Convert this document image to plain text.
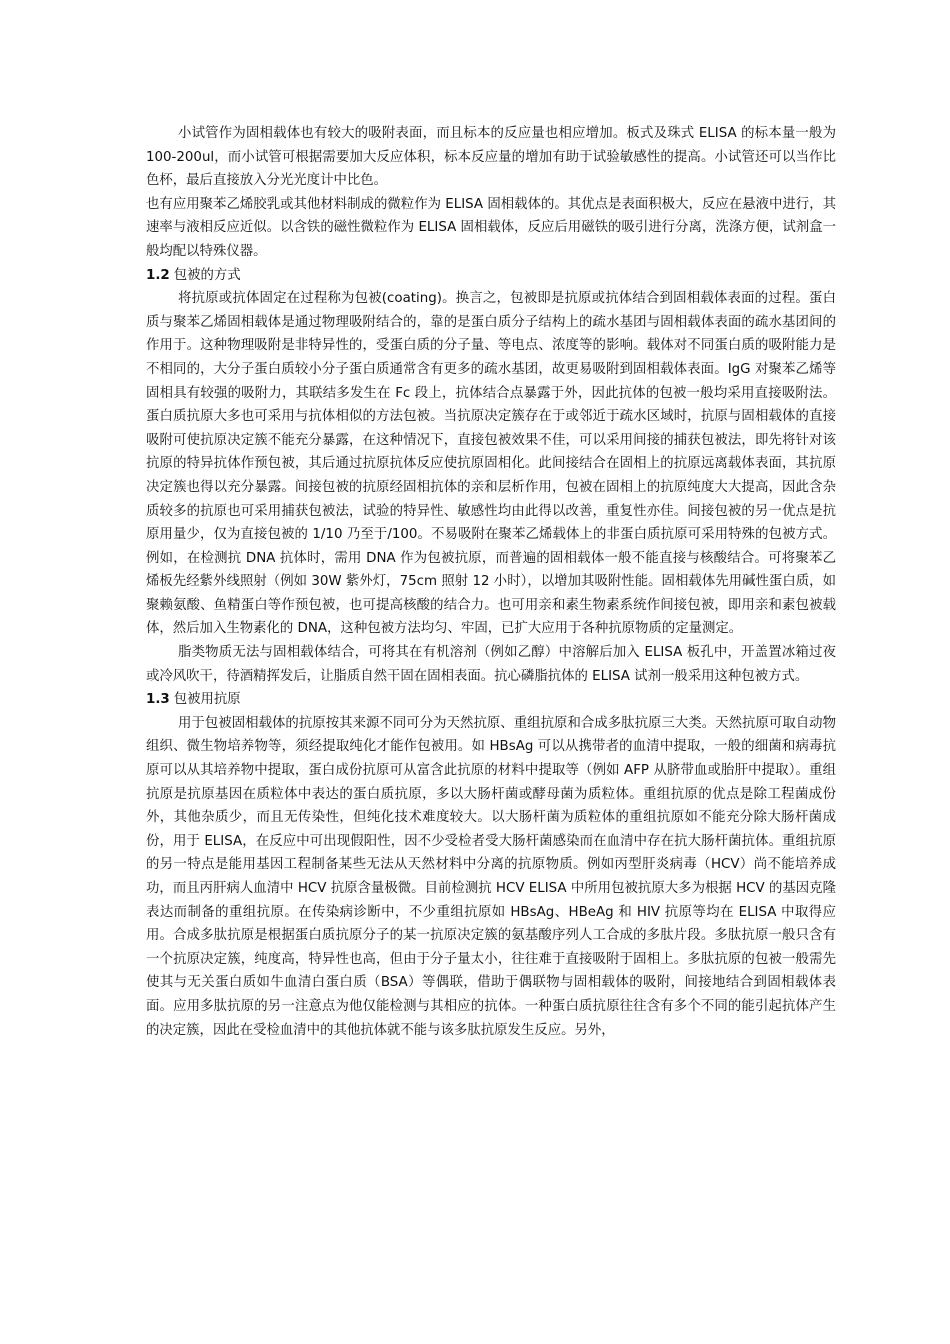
小试管作为固相载体也有较大的吸附表面，而且标本的反应量也相应增加。板式及珠式 ELISA 的标本量一般为 100-200ul，而小试管可根据需要加大反应体积，标本反应量的增加有助于试验敏感性的提高。小试管还可以当作比色杯，最后直接放入分光光度计中比色。

也有应用聚苯乙烯胶乳或其他材料制成的微粒作为 ELISA 固相载体的。其优点是表面积极大，反应在悬液中进行，其速率与液相反应近似。以含铁的磁性微粒作为 ELISA 固相载体，反应后用磁铁的吸引进行分离，洗涤方便，试剂盒一般均配以特殊仪器。

1.2 包被的方式

将抗原或抗体固定在过程称为包被(coating)。换言之，包被即是抗原或抗体结合到固相载体表面的过程。蛋白质与聚苯乙烯固相载体是通过物理吸附结合的，靠的是蛋白质分子结构上的疏水基团与固相载体表面的疏水基团间的作用于。这种物理吸附是非特异性的，受蛋白质的分子量、等电点、浓度等的影响。载体对不同蛋白质的吸附能力是不相同的，大分子蛋白质较小分子蛋白质通常含有更多的疏水基团，故更易吸附到固相载体表面。IgG 对聚苯乙烯等固相具有较强的吸附力，其联结多发生在 Fc 段上，抗体结合点暴露于外，因此抗体的包被一般均采用直接吸附法。蛋白质抗原大多也可采用与抗体相似的方法包被。当抗原决定簇存在于或邻近于疏水区域时，抗原与固相载体的直接吸附可使抗原决定簇不能充分暴露，在这种情况下，直接包被效果不佳，可以采用间接的捕获包被法，即先将针对该抗原的特异抗体作预包被，其后通过抗原抗体反应使抗原固相化。此间接结合在固相上的抗原远离载体表面，其抗原决定簇也得以充分暴露。间接包被的抗原经固相抗体的亲和层析作用，包被在固相上的抗原纯度大大提高，因此含杂质较多的抗原也可采用捕获包被法，试验的特异性、敏感性均由此得以改善，重复性亦佳。间接包被的另一优点是抗原用量少，仅为直接包被的 1/10 乃至于/100。不易吸附在聚苯乙烯载体上的非蛋白质抗原可采用特殊的包被方式。例如，在检测抗 DNA 抗体时，需用 DNA 作为包被抗原，而普遍的固相载体一般不能直接与核酸结合。可将聚苯乙烯板先经紫外线照射（例如 30W 紫外灯，75cm 照射 12 小时），以增加其吸附性能。固相载体先用碱性蛋白质，如聚赖氨酸、鱼精蛋白等作预包被，也可提高核酸的结合力。也可用亲和素生物素系统作间接包被，即用亲和素包被载体，然后加入生物素化的 DNA，这种包被方法均匀、牢固，已扩大应用于各种抗原物质的定量测定。

脂类物质无法与固相载体结合，可将其在有机溶剂（例如乙醇）中溶解后加入 ELISA 板孔中，开盖置冰箱过夜或冷风吹干，待酒精挥发后，让脂质自然干固在固相表面。抗心磷脂抗体的 ELISA 试剂一般采用这种包被方式。

1.3 包被用抗原

用于包被固相载体的抗原按其来源不同可分为天然抗原、重组抗原和合成多肽抗原三大类。天然抗原可取自动物组织、微生物培养物等，须经提取纯化才能作包被用。如 HBsAg 可以从携带者的血清中提取，一般的细菌和病毒抗原可以从其培养物中提取，蛋白成份抗原可从富含此抗原的材料中提取等（例如 AFP 从脐带血或胎肝中提取）。重组抗原是抗原基因在质粒体中表达的蛋白质抗原，多以大肠杆菌或酵母菌为质粒体。重组抗原的优点是除工程菌成份外，其他杂质少，而且无传染性，但纯化技术难度较大。以大肠杆菌为质粒体的重组抗原如不能充分除大肠杆菌成份，用于 ELISA，在反应中可出现假阳性，因不少受检者受大肠杆菌感染而在血清中存在抗大肠杆菌抗体。重组抗原的另一特点是能用基因工程制备某些无法从天然材料中分离的抗原物质。例如丙型肝炎病毒（HCV）尚不能培养成功，而且丙肝病人血清中 HCV 抗原含量极微。目前检测抗 HCV ELISA 中所用包被抗原大多为根据 HCV 的基因克隆表达而制备的重组抗原。在传染病诊断中，不少重组抗原如 HBsAg、HBeAg 和 HIV 抗原等均在 ELISA 中取得应用。合成多肽抗原是根据蛋白质抗原分子的某一抗原决定簇的氨基酸序列人工合成的多肽片段。多肽抗原一般只含有一个抗原决定簇，纯度高，特异性也高，但由于分子量太小，往往难于直接吸附于固相上。多肽抗原的包被一般需先使其与无关蛋白质如牛血清白蛋白质（BSA）等偶联，借助于偶联物与固相载体的吸附，间接地结合到固相载体表面。应用多肽抗原的另一注意点为他仅能检测与其相应的抗体。一种蛋白质抗原往往含有多个不同的能引起抗体产生的决定簇，因此在受检血清中的其他抗体就不能与该多肽抗原发生反应。另外，
